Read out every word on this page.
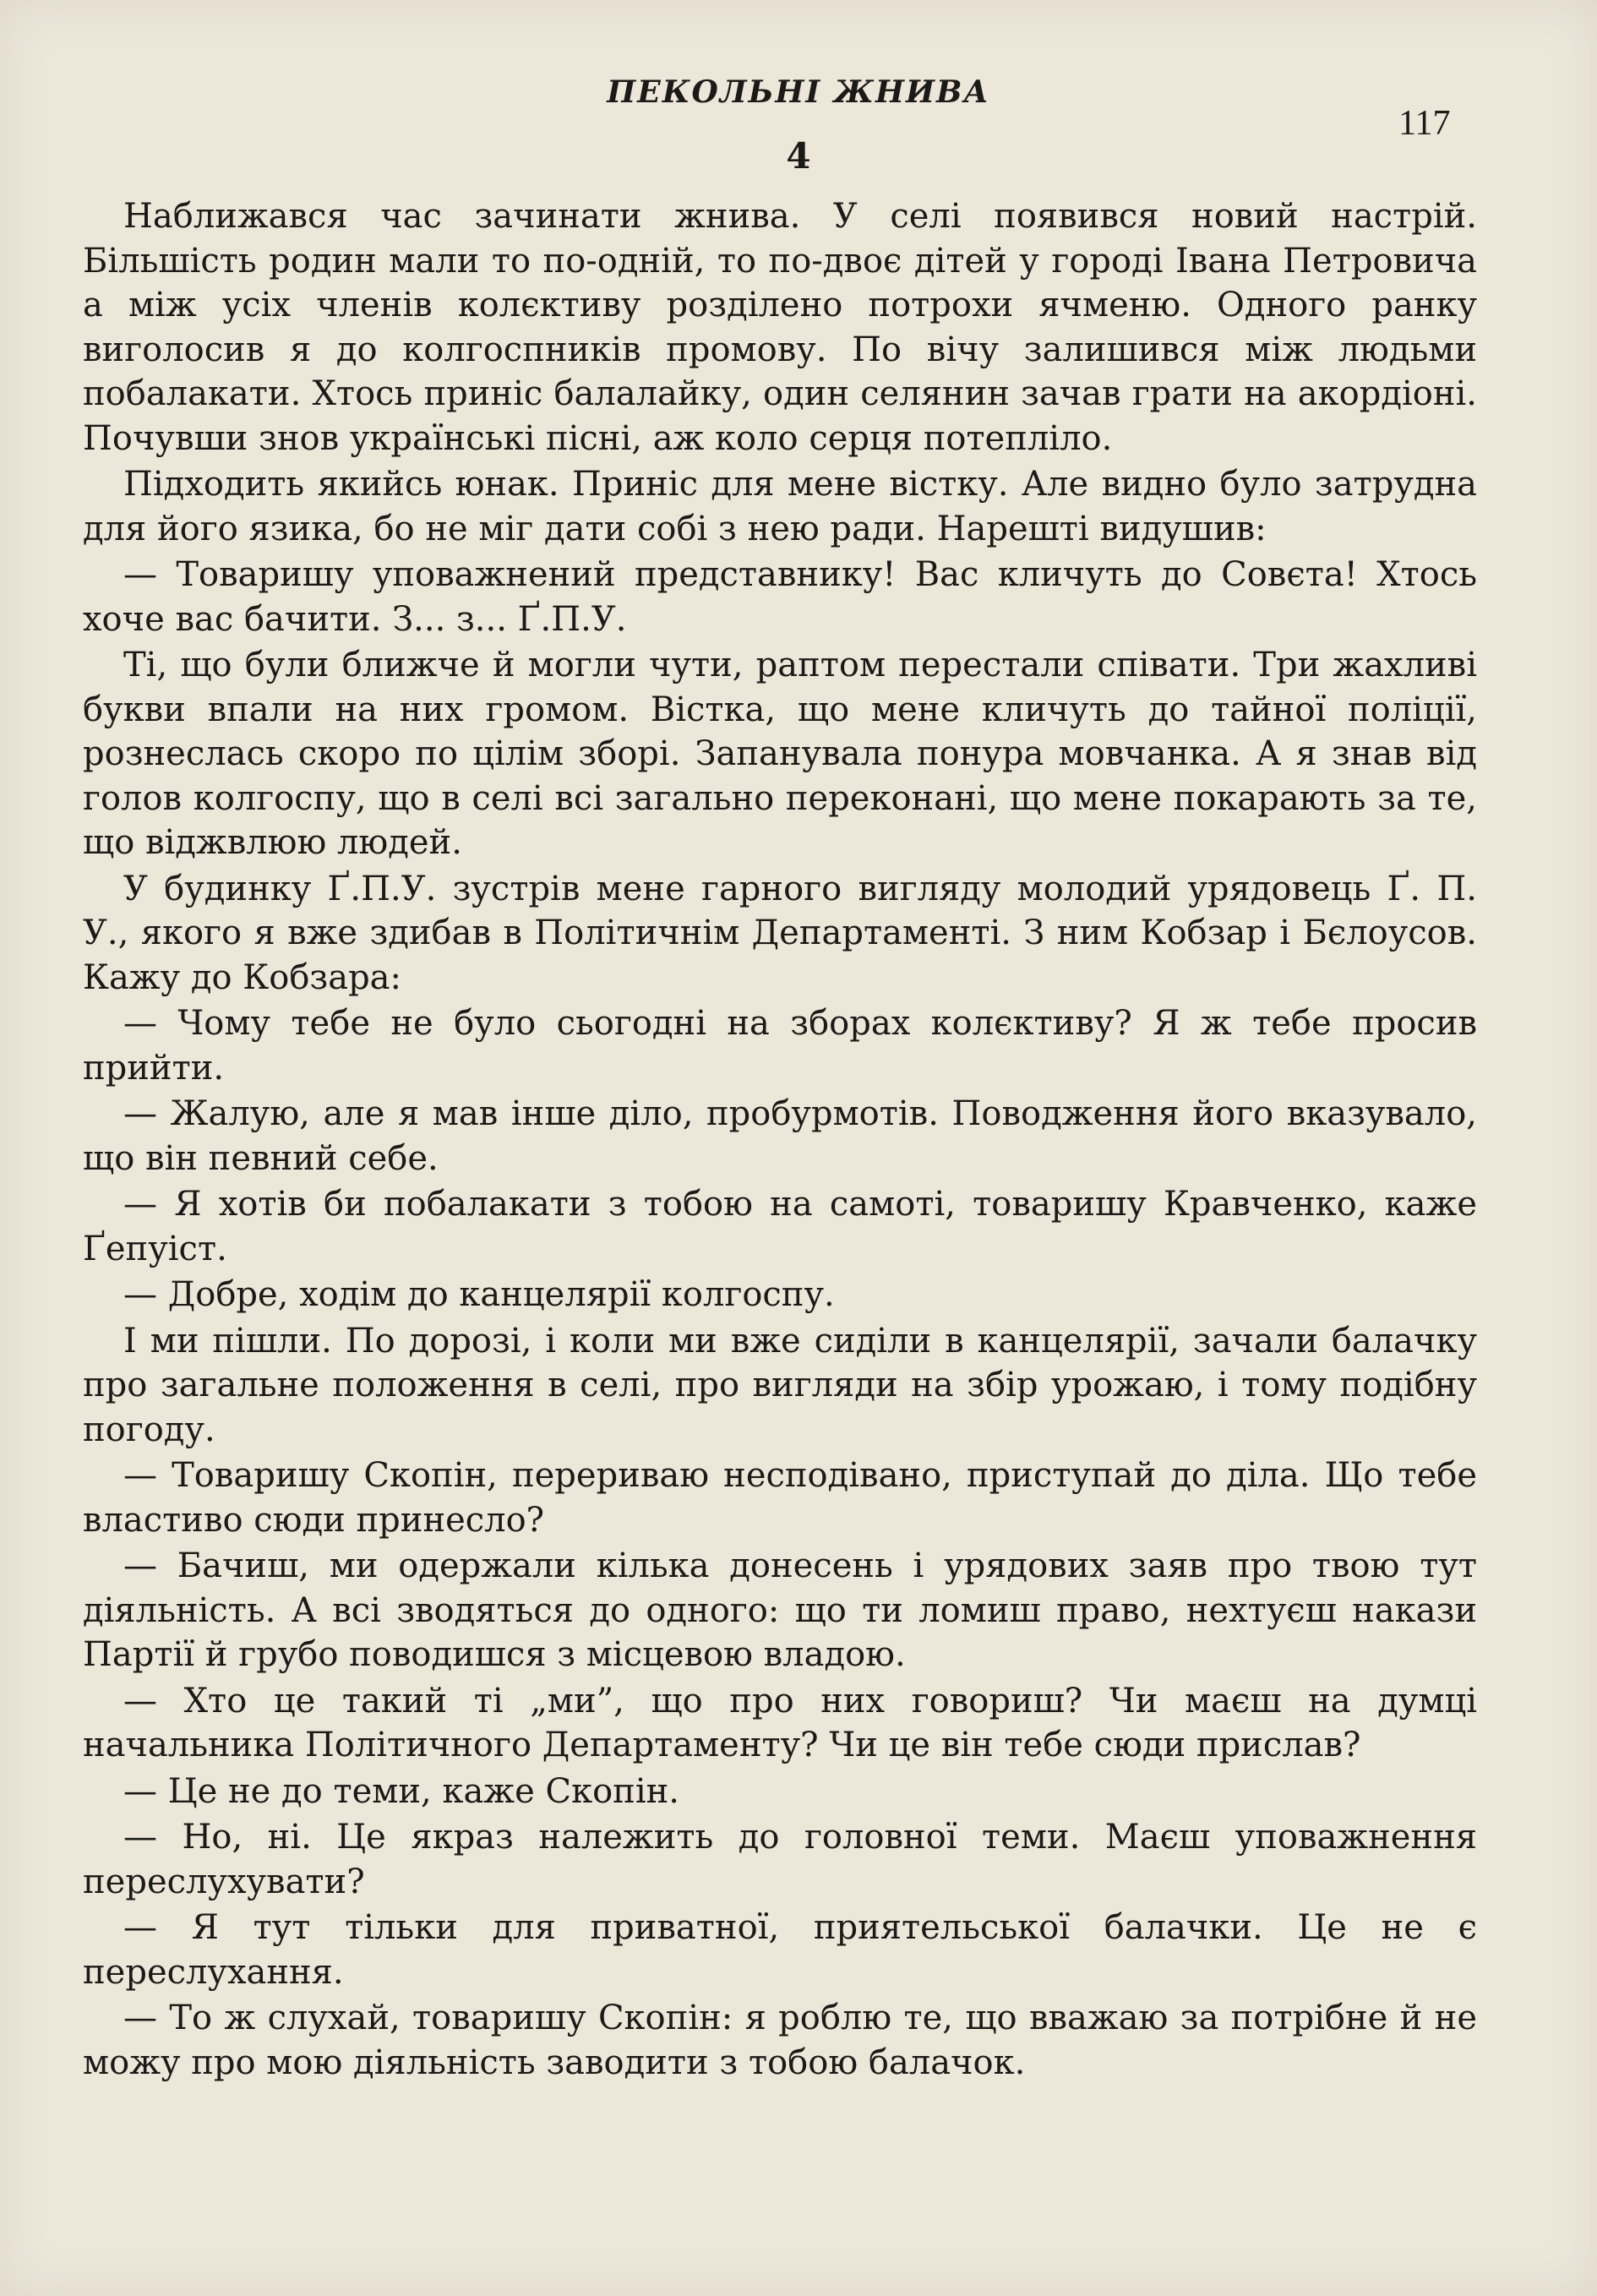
ПЕКОЛЬНІ ЖНИВА
117
4

Наближався час зачинати жнива. У селі появився новий настрій. Більшість родин мали то по-одній, то по-двоє дітей у городі Івана Петровича а між усіх членів колєктиву розділено потрохи ячменю. Одного ранку виголосив я до колгоспників промову. По вічу залишився між людьми побалакати. Хтось приніс балалайку, один селянин зачав грати на акордіоні. Почувши знов українські пісні, аж коло серця потепліло.

Підходить якийсь юнак. Приніс для мене вістку. Але видно було затрудна для його язика, бо не міг дати собі з нею ради. Нарешті видушив:

— Товаришу уповажнений представнику! Вас кличуть до Совєта! Хтось хоче вас бачити. З... з... Ґ.П.У.

Ті, що були ближче й могли чути, раптом перестали співати. Три жахливі букви впали на них громом. Вістка, що мене кличуть до тайної поліції, рознеслась скоро по цілім зборі. Запанувала понура мовчанка. А я знав від голов колгоспу, що в селі всі загально переконані, що мене покарають за те, що віджвлюю людей.

У будинку Ґ.П.У. зустрів мене гарного вигляду молодий урядовець Ґ. П. У., якого я вже здибав в Політичнім Департаменті. З ним Кобзар і Бєлоусов. Кажу до Кобзара:

— Чому тебе не було сьогодні на зборах колєктиву? Я ж тебе просив прийти.

— Жалую, але я мав інше діло, пробурмотів. Поводження його вказувало, що він певний себе.

— Я хотів би побалакати з тобою на самоті, товаришу Кравченко, каже Ґепуіст.

— Добре, ходім до канцелярії колгоспу.

І ми пішли. По дорозі, і коли ми вже сиділи в канцелярії, зачали балачку про загальне положення в селі, про вигляди на збір урожаю, і тому подібну погоду.

— Товаришу Скопін, перериваю несподівано, приступай до діла. Що тебе властиво сюди принесло?

— Бачиш, ми одержали кілька донесень і урядових заяв про твою тут діяльність. А всі зводяться до одного: що ти ломиш право, нехтуєш накази Партії й грубо поводишся з місцевою владою.

— Хто це такий ті „ми”, що про них говориш? Чи маєш на думці начальника Політичного Департаменту? Чи це він тебе сюди прислав?

— Це не до теми, каже Скопін.

— Но, ні. Це якраз належить до головної теми. Маєш уповажнення переслухувати?

— Я тут тільки для приватної, приятельської балачки. Це не є переслухання.

— То ж слухай, товаришу Скопін: я роблю те, що вважаю за потрібне й не можу про мою діяльність заводити з тобою балачок.
